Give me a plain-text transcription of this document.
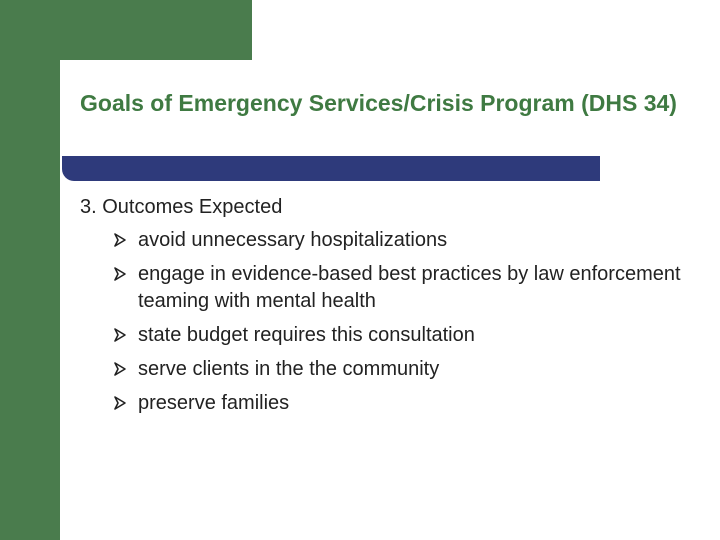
Goals of Emergency Services/Crisis Program (DHS 34)

3. Outcomes Expected

avoid unnecessary hospitalizations
engage in evidence-based best practices by law enforcement teaming with mental health
state budget requires this consultation
serve clients in the the community
preserve families
